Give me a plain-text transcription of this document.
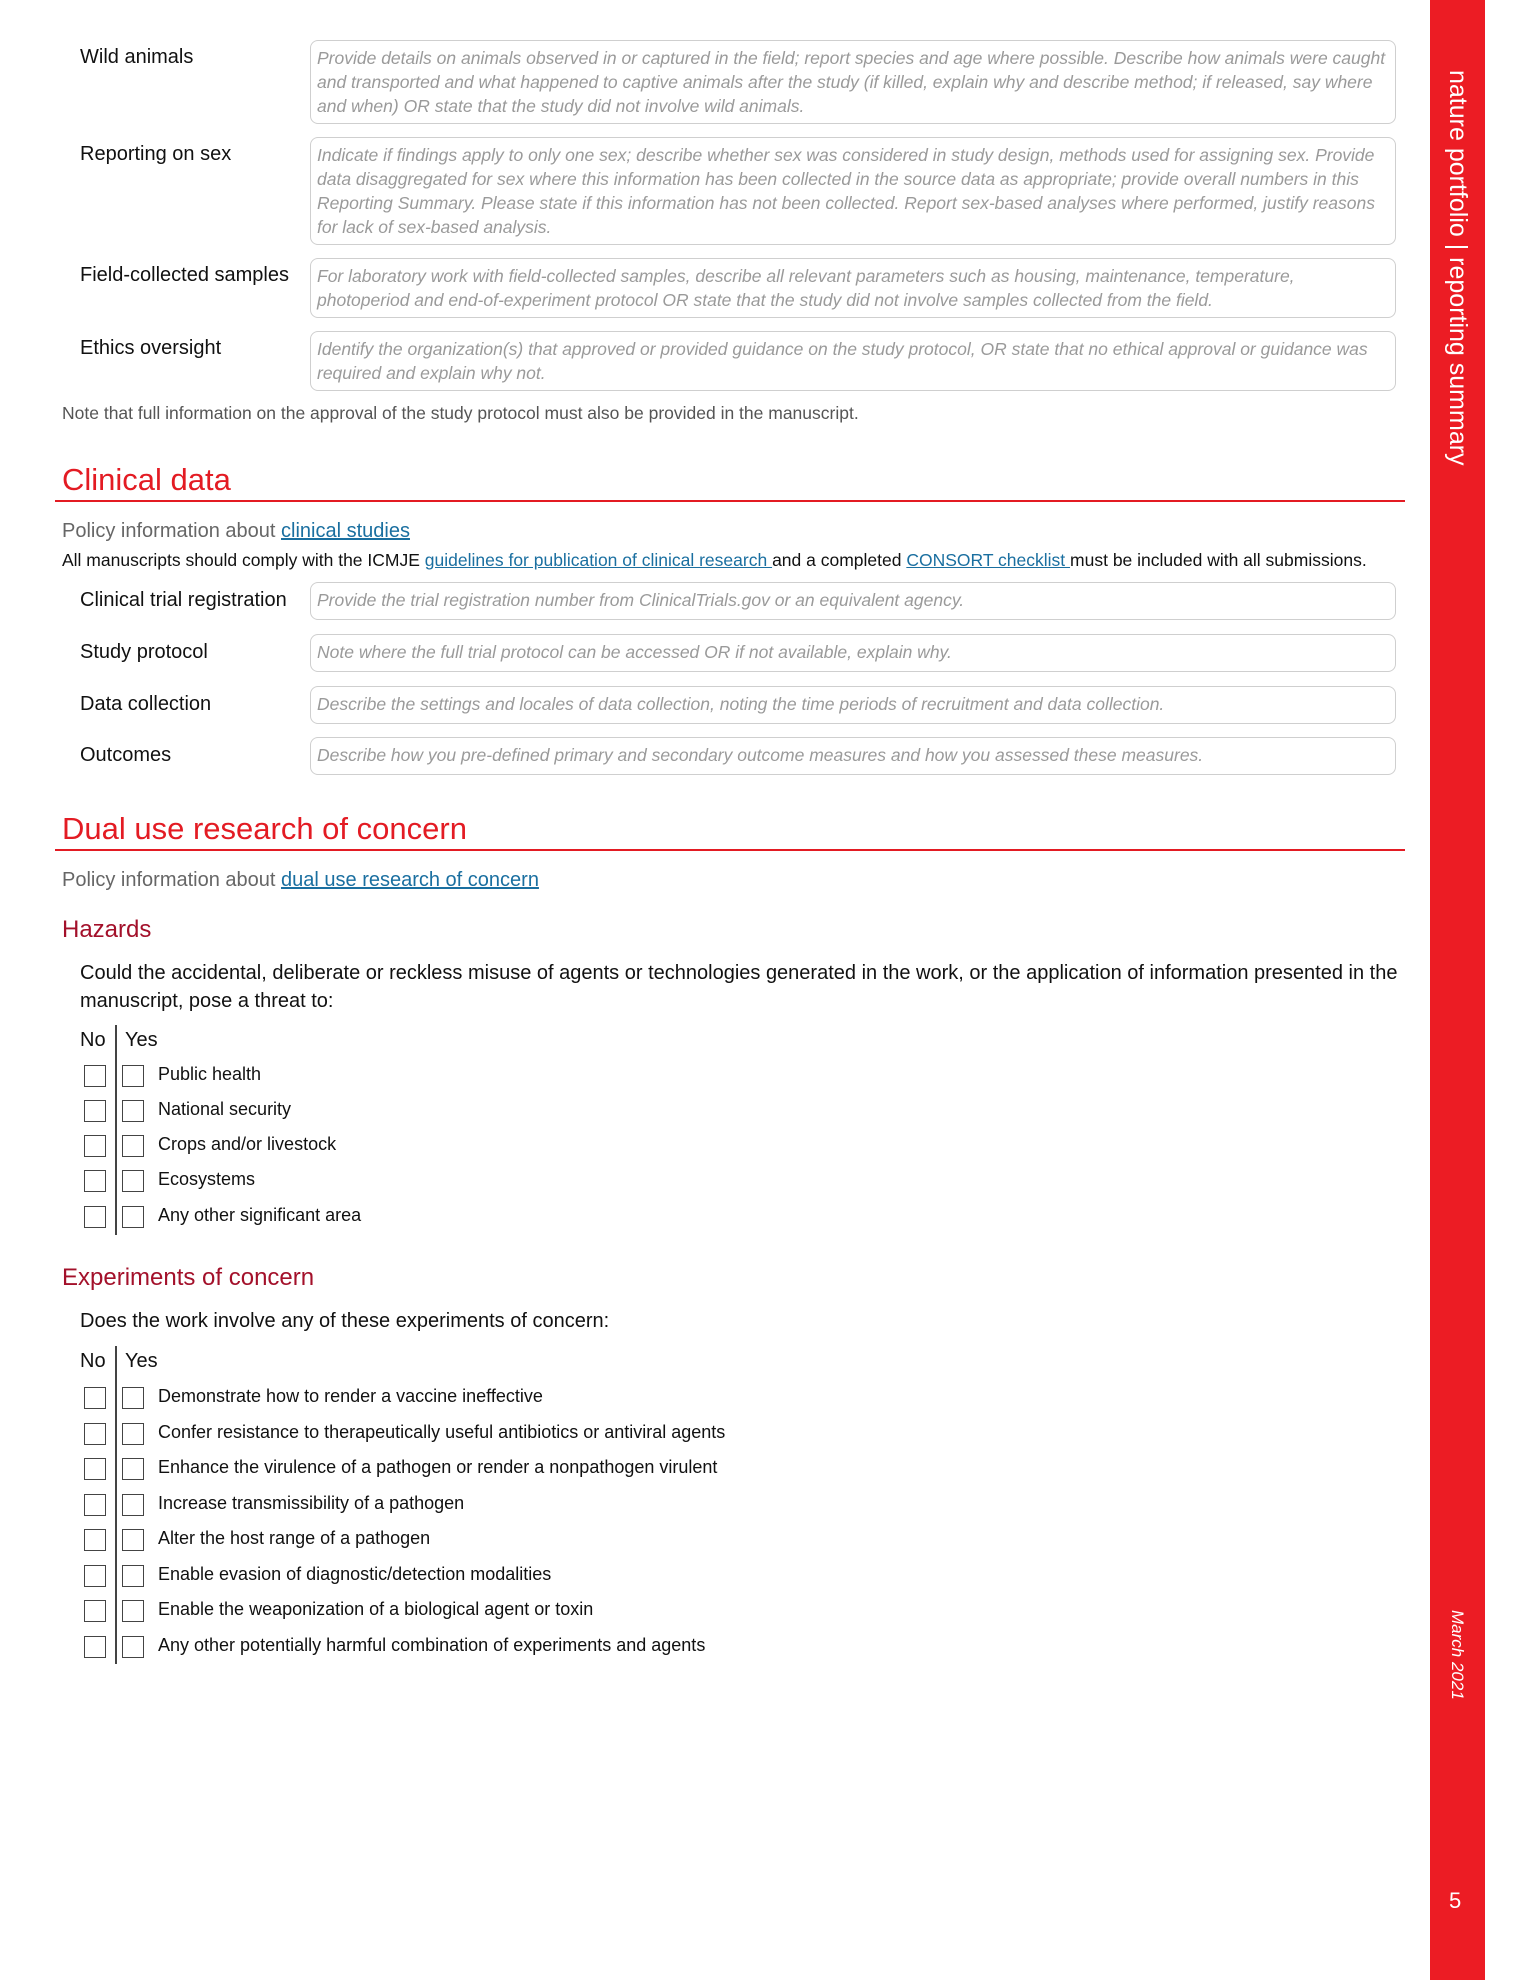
Wild animals	Provide details on animals observed in or captured in the field; report species and age where possible. Describe how animals were caught and transported and what happened to captive animals after the study (if killed, explain why and describe method; if released, say where and when) OR state that the study did not involve wild animals.
Reporting on sex	Indicate if findings apply to only one sex; describe whether sex was considered in study design, methods used for assigning sex. Provide data disaggregated for sex where this information has been collected in the source data as appropriate; provide overall numbers in this Reporting Summary. Please state if this information has not been collected. Report sex-based analyses where performed, justify reasons for lack of sex-based analysis.
Field-collected samples	For laboratory work with field-collected samples, describe all relevant parameters such as housing, maintenance, temperature, photoperiod and end-of-experiment protocol OR state that the study did not involve samples collected from the field.
Ethics oversight	Identify the organization(s) that approved or provided guidance on the study protocol, OR state that no ethical approval or guidance was required and explain why not.
Note that full information on the approval of the study protocol must also be provided in the manuscript.
Clinical data
Policy information about clinical studies
All manuscripts should comply with the ICMJE guidelines for publication of clinical research and a completed CONSORT checklist must be included with all submissions.
Clinical trial registration	Provide the trial registration number from ClinicalTrials.gov or an equivalent agency.
Study protocol	Note where the full trial protocol can be accessed OR if not available, explain why.
Data collection	Describe the settings and locales of data collection, noting the time periods of recruitment and data collection.
Outcomes	Describe how you pre-defined primary and secondary outcome measures and how you assessed these measures.
Dual use research of concern
Policy information about dual use research of concern
Hazards
Could the accidental, deliberate or reckless misuse of agents or technologies generated in the work, or the application of information presented in the manuscript, pose a threat to:
No Yes
Public health
National security
Crops and/or livestock
Ecosystems
Any other significant area
Experiments of concern
Does the work involve any of these experiments of concern:
No Yes
Demonstrate how to render a vaccine ineffective
Confer resistance to therapeutically useful antibiotics or antiviral agents
Enhance the virulence of a pathogen or render a nonpathogen virulent
Increase transmissibility of a pathogen
Alter the host range of a pathogen
Enable evasion of diagnostic/detection modalities
Enable the weaponization of a biological agent or toxin
Any other potentially harmful combination of experiments and agents
nature portfolio | reporting summary
March 2021
5
